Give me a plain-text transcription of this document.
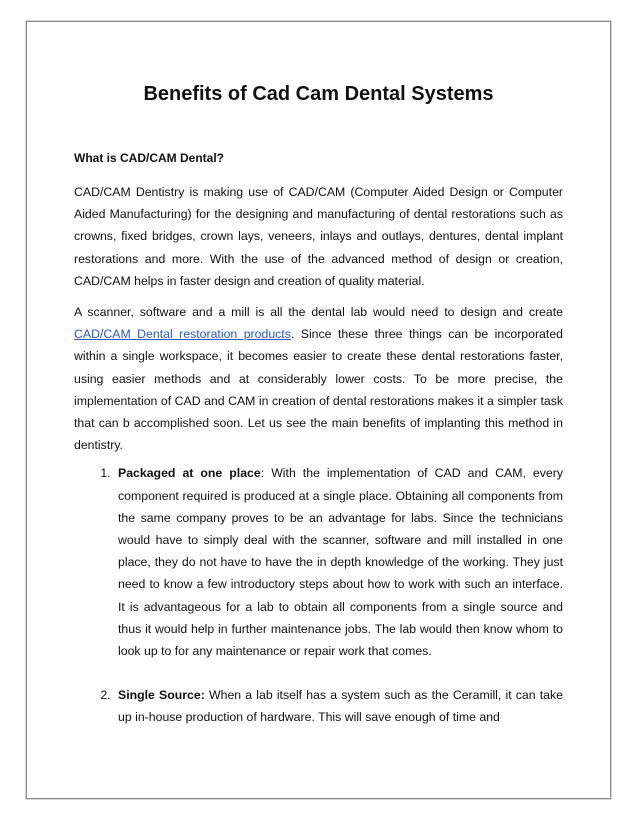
Benefits of Cad Cam Dental Systems
What is CAD/CAM Dental?

CAD/CAM Dentistry is making use of CAD/CAM (Computer Aided Design or Computer Aided Manufacturing) for the designing and manufacturing of dental restorations such as crowns, fixed bridges, crown lays, veneers, inlays and outlays, dentures, dental implant restorations and more. With the use of the advanced method of design or creation, CAD/CAM helps in faster design and creation of quality material.

A scanner, software and a mill is all the dental lab would need to design and create CAD/CAM Dental restoration products. Since these three things can be incorporated within a single workspace, it becomes easier to create these dental restorations faster, using easier methods and at considerably lower costs. To be more precise, the implementation of CAD and CAM in creation of dental restorations makes it a simpler task that can b accomplished soon. Let us see the main benefits of implanting this method in dentistry.

1. Packaged at one place: With the implementation of CAD and CAM, every component required is produced at a single place. Obtaining all components from the same company proves to be an advantage for labs. Since the technicians would have to simply deal with the scanner, software and mill installed in one place, they do not have to have the in depth knowledge of the working. They just need to know a few introductory steps about how to work with such an interface. It is advantageous for a lab to obtain all components from a single source and thus it would help in further maintenance jobs. The lab would then know whom to look up to for any maintenance or repair work that comes.
2. Single Source: When a lab itself has a system such as the Ceramill, it can take up in-house production of hardware. This will save enough of time and
